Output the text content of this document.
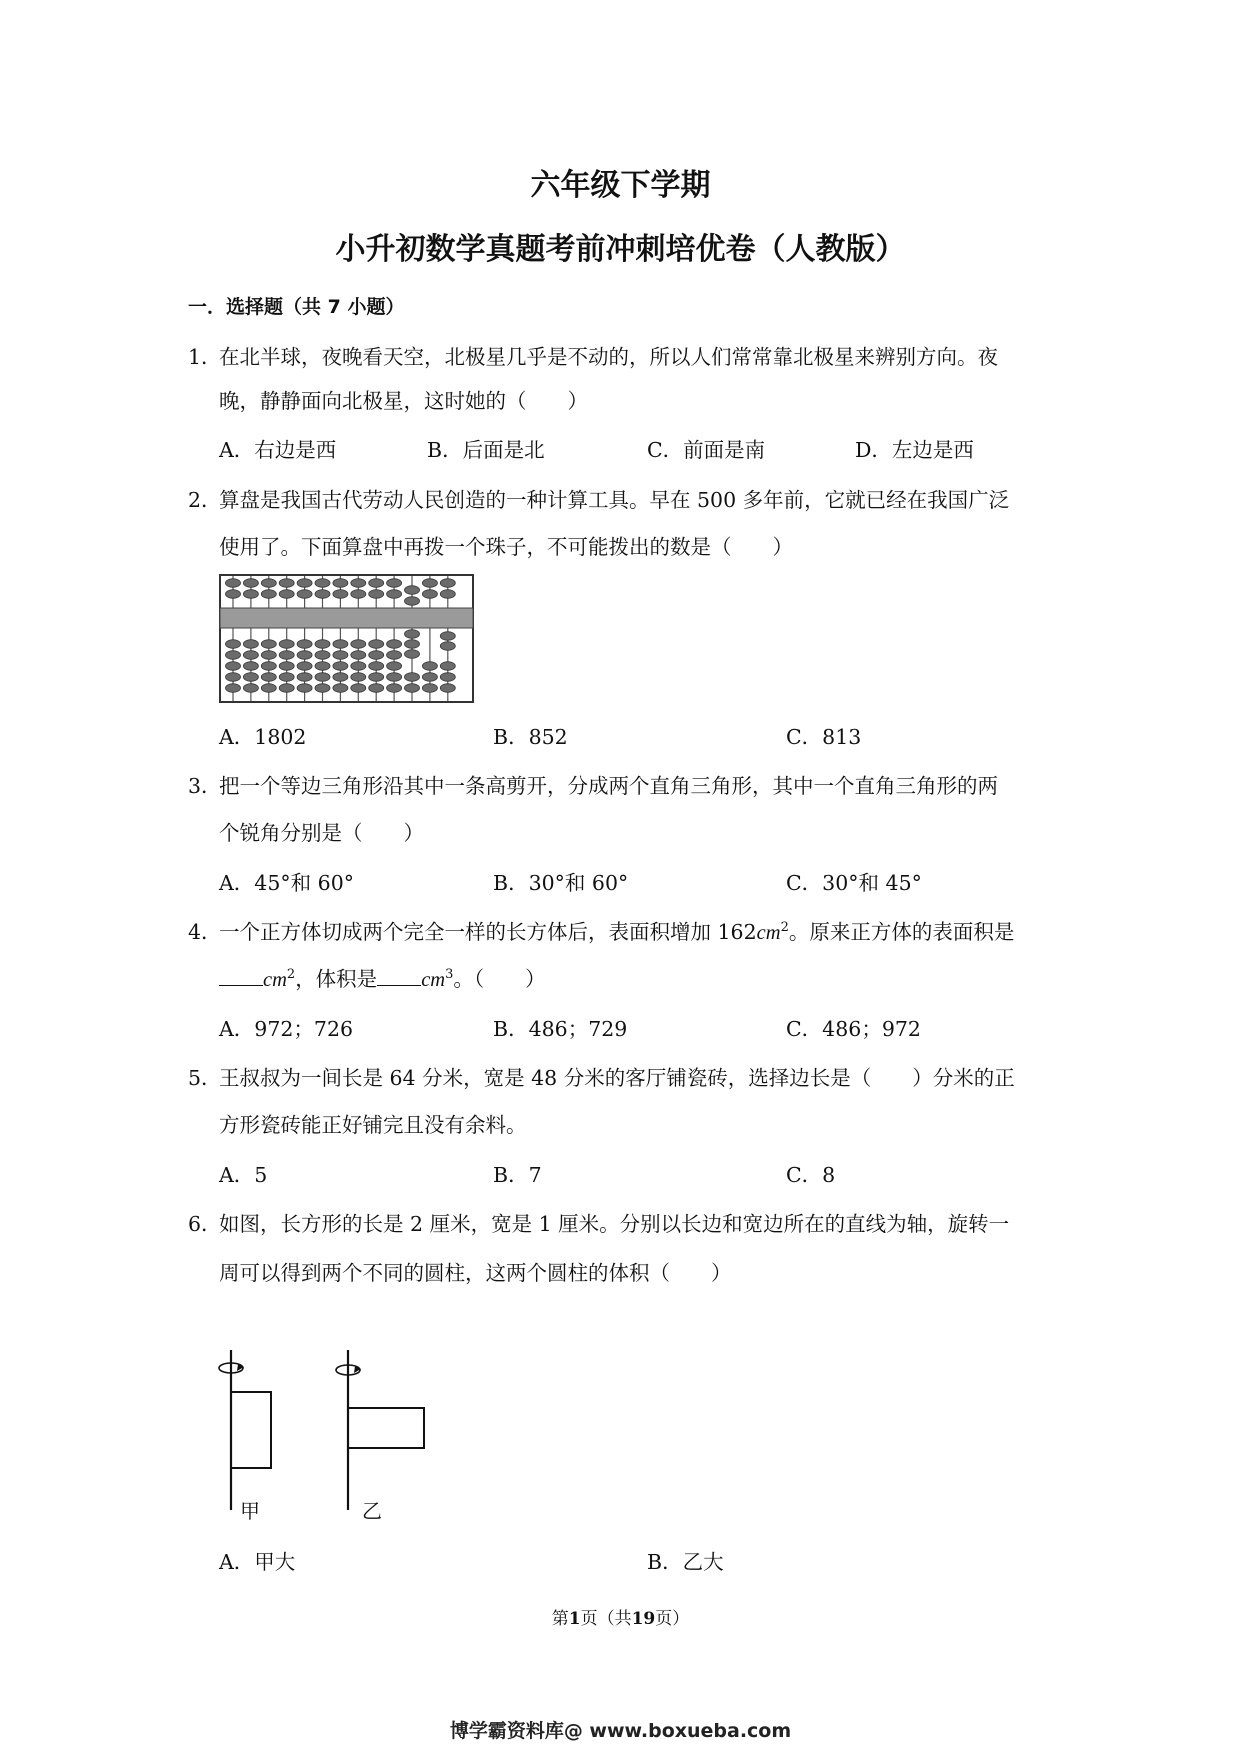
六年级下学期
小升初数学真题考前冲刺培优卷（人教版）
一．选择题（共 7 小题）
1．
在北半球，夜晚看天空，北极星几乎是不动的，所以人们常常靠北极星来辨别方向。夜
晚，静静面向北极星，这时她的（　　）
A．右边是西	B．后面是北	C．前面是南	D．左边是西
2．
算盘是我国古代劳动人民创造的一种计算工具。早在 500 多年前，它就已经在我国广泛
使用了。下面算盘中再拨一个珠子，不可能拨出的数是（　　）
A．1802	B．852	C．813
3．
把一个等边三角形沿其中一条高剪开，分成两个直角三角形，其中一个直角三角形的两
个锐角分别是（　　）
A．45°和 60°	B．30°和 60°	C．30°和 45°
4．
一个正方体切成两个完全一样的长方体后，表面积增加 $162cm^2$。原来正方体的表面积是
$cm^2$，体积是 $cm^3$。（　　）
A．972；726	B．486；729	C．486；972
5．
王叔叔为一间长是 64 分米，宽是 48 分米的客厅铺瓷砖，选择边长是（　　）分米的正
方形瓷砖能正好铺完且没有余料。
A．5	B．7	C．8
6．
如图，长方形的长是 2 厘米，宽是 1 厘米。分别以长边和宽边所在的直线为轴，旋转一
周可以得到两个不同的圆柱，这两个圆柱的体积（　　）
甲	乙
A．甲大	B．乙大
第1页（共19页）
博学霸资料库@ www.boxueba.com
